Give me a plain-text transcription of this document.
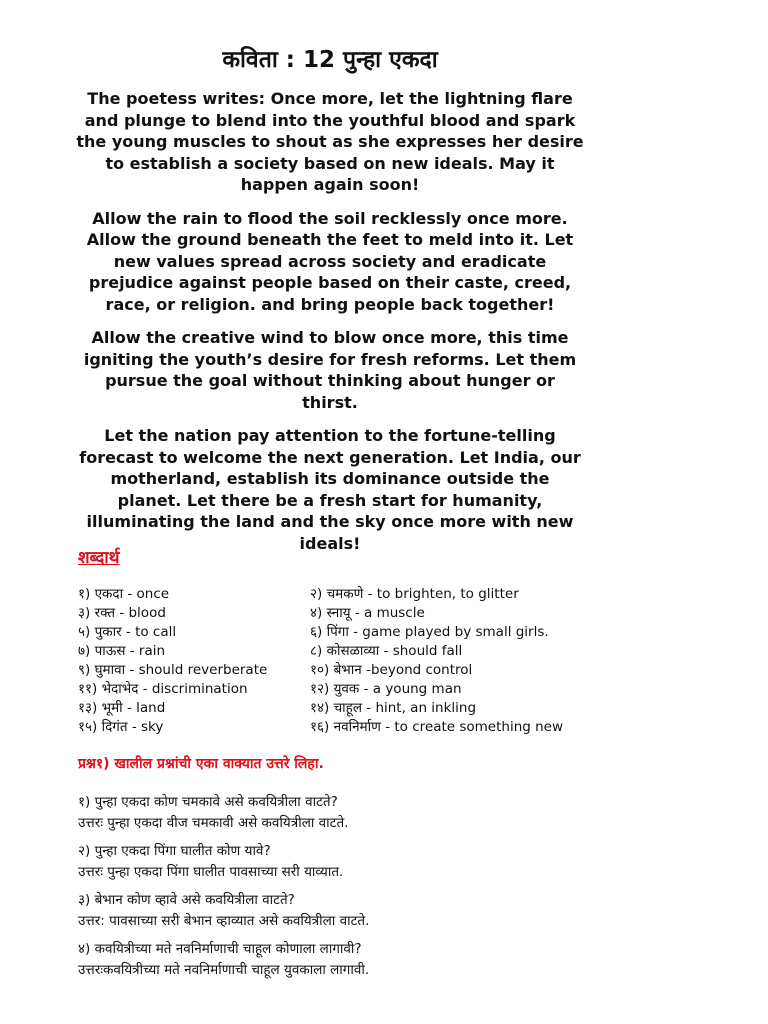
कविता : 12 पुन्हा एकदा

The poetess writes: Once more, let the lightning flare and plunge to blend into the youthful blood and spark the young muscles to shout as she expresses her desire to establish a society based on new ideals. May it happen again soon!

Allow the rain to flood the soil recklessly once more. Allow the ground beneath the feet to meld into it. Let new values spread across society and eradicate prejudice against people based on their caste, creed, race, or religion. and bring people back together!

Allow the creative wind to blow once more, this time igniting the youth’s desire for fresh reforms. Let them pursue the goal without thinking about hunger or thirst.

Let the nation pay attention to the fortune-telling forecast to welcome the next generation. Let India, our motherland, establish its dominance outside the planet. Let there be a fresh start for humanity, illuminating the land and the sky once more with new ideals!

शब्दार्थ
१) एकदा - once	२) चमकणे - to brighten, to glitter
३) रक्त - blood	४) स्नायू - a muscle
५) पुकार - to call	६) पिंगा - game played by small girls.
७) पाऊस - rain	८) कोसळाव्या - should fall
९) घुमावा - should reverberate	१०) बेभान -beyond control
११) भेदाभेद - discrimination	१२) युवक - a young man
१३) भूमी - land	१४) चाहूल - hint, an inkling
१५) दिगंत - sky	१६) नवनिर्माण - to create something new
प्रश्न१) खालील प्रश्नांची एका वाक्यात उत्तरे लिहा.
१) पुन्हा एकदा कोण चमकावे असे कवयित्रीला वाटते?
उत्तरः पुन्हा एकदा वीज चमकावी असे कवयित्रीला वाटते.
२) पुन्हा एकदा पिंगा घालीत कोण यावे?
उत्तरः पुन्हा एकदा पिंगा घालीत पावसाच्या सरी याव्यात.
३) बेभान कोण व्हावे असे कवयित्रीला वाटते?
उत्तर: पावसाच्या सरी बेभान व्हाव्यात असे कवयित्रीला वाटते.
४) कवयित्रीच्या मते नवनिर्माणाची चाहूल कोणाला लागावी?
उत्तरःकवयित्रीच्या मते नवनिर्माणाची चाहूल युवकाला लागावी.
